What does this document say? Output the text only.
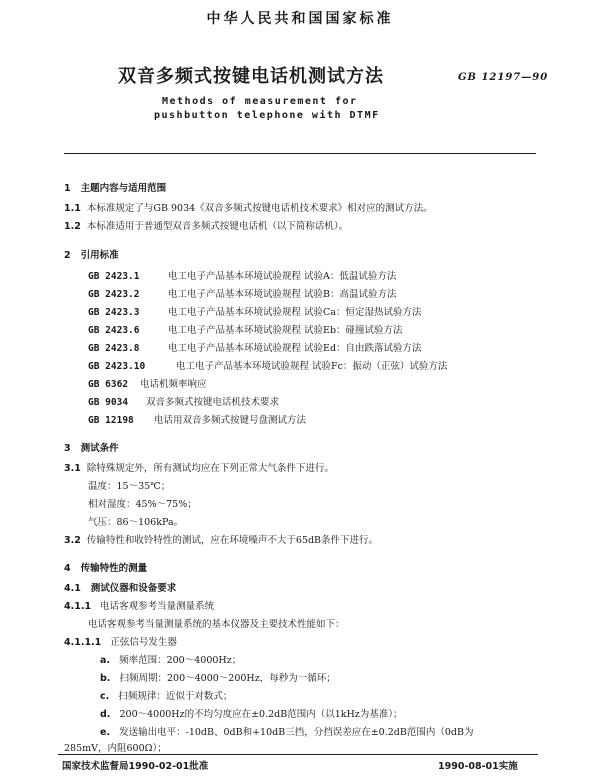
中华人民共和国国家标准
双音多频式按键电话机测试方法	GB 12197—90
Methods of measurement for
pushbutton telephone with DTMF
1 主题内容与适用范围
1.1 本标准规定了与GB 9034《双音多频式按键电话机技术要求》相对应的测试方法。
1.2 本标准适用于普通型双音多频式按键电话机（以下简称话机）。
2 引用标准
GB 2423.1	电工电子产品基本环境试验规程 试验A：低温试验方法
GB 2423.2	电工电子产品基本环境试验规程 试验B：高温试验方法
GB 2423.3	电工电子产品基本环境试验规程 试验Ca：恒定湿热试验方法
GB 2423.6	电工电子产品基本环境试验规程 试验Eb：碰撞试验方法
GB 2423.8	电工电子产品基本环境试验规程 试验Ed：自由跌落试验方法
GB 2423.10	电工电子产品基本环境试验规程 试验Fc：振动（正弦）试验方法
GB 6362 电话机频率响应
GB 9034 双音多频式按键电话机技术要求
GB 12198 电话用双音多频式按键号盘测试方法
3 测试条件
3.1 除特殊规定外，所有测试均应在下列正常大气条件下进行。
温度：15～35℃；
相对湿度：45%～75%；
气压：86～106kPa。
3.2 传输特性和收铃特性的测试，应在环境噪声不大于65dB条件下进行。
4 传输特性的测量
4.1 测试仪器和设备要求
4.1.1 电话客观参考当量测量系统
电话客观参考当量测量系统的基本仪器及主要技术性能如下：
4.1.1.1 正弦信号发生器
a. 频率范围：200～4000Hz；
b. 扫频周期：200～4000～200Hz，每秒为一循环；
c. 扫频规律：近似于对数式；
d. 200～4000Hz的不均匀度应在±0.2dB范围内（以1kHz为基准）；
e. 发送输出电平：-10dB、0dB和+10dB三挡，分挡误差应在±0.2dB范围内（0dB为
285mV，内阻600Ω）；
国家技术监督局1990-02-01批准	1990-08-01实施
